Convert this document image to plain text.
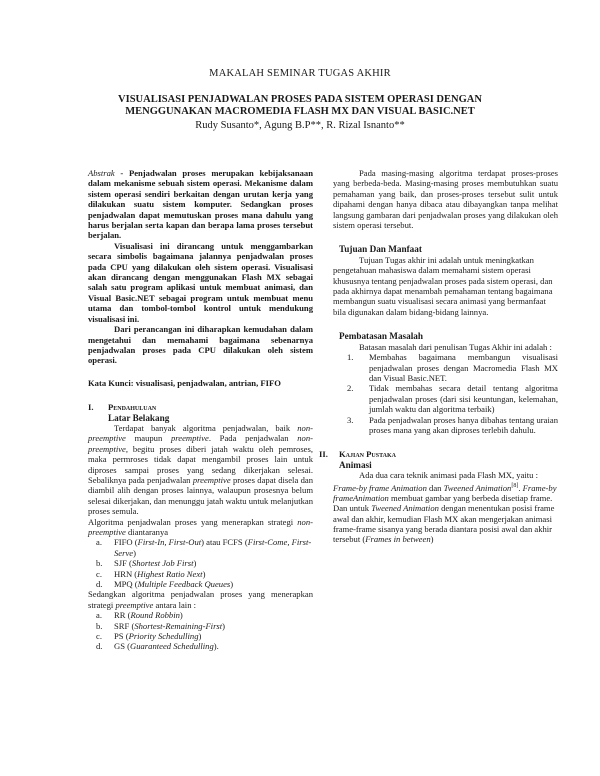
MAKALAH SEMINAR TUGAS AKHIR
VISUALISASI PENJADWALAN PROSES PADA SISTEM OPERASI DENGAN
MENGGUNAKAN MACROMEDIA FLASH MX DAN VISUAL BASIC.NET
Rudy Susanto*, Agung B.P**, R. Rizal Isnanto**

Abstrak - Penjadwalan proses merupakan kebijaksanaan dalam mekanisme sebuah sistem operasi. Mekanisme dalam sistem operasi sendiri berkaitan dengan urutan kerja yang dilakukan suatu sistem komputer. Sedangkan proses penjadwalan dapat memutuskan proses mana dahulu yang harus berjalan serta kapan dan berapa lama proses tersebut berjalan.

Visualisasi ini dirancang untuk menggambarkan secara simbolis bagaimana jalannya penjadwalan proses pada CPU yang dilakukan oleh sistem operasi. Visualisasi akan dirancang dengan menggunakan Flash MX sebagai salah satu program aplikasi untuk membuat animasi, dan Visual Basic.NET sebagai program untuk membuat menu utama dan tombol-tombol kontrol untuk mendukung visualisasi ini.

Dari perancangan ini diharapkan kemudahan dalam mengetahui dan memahami bagaimana sebenarnya penjadwalan proses pada CPU dilakukan oleh sistem operasi.

Kata Kunci: visualisasi, penjadwalan, antrian, FIFO

I.	Pendahuluan
Latar Belakang

Terdapat banyak algoritma penjadwalan, baik non-preemptive maupun preemptive. Pada penjadwalan non-preemptive, begitu proses diberi jatah waktu oleh pemroses, maka permroses tidak dapat mengambil proses lain untuk diproses sampai proses yang sedang dikerjakan selesai. Sebaliknya pada penjadwalan preemptive proses dapat disela dan diambil alih dengan proses lainnya, walaupun prosesnya belum selesai dikerjakan, dan menunggu jatah waktu untuk melanjutkan proses semula.

Algoritma penjadwalan proses yang menerapkan strategi non-preemptive diantaranya

a.	FIFO (First-In, First-Out) atau FCFS (First-Come, First-Serve)
b.	SJF (Shortest Job First)
c.	HRN (Highest Ratio Next)
d.	MPQ (Multiple Feedback Queues)

Sedangkan algoritma penjadwalan proses yang menerapkan strategi preemptive antara lain :

a.	RR (Round Robbin)
b.	SRF (Shortest-Remaining-First)
c.	PS (Priority Schedulling)
d.	GS (Guaranteed Schedulling).

Pada masing-masing algoritma terdapat proses-proses yang berbeda-beda. Masing-masing proses membutuhkan suatu pemahaman yang baik, dan proses-proses tersebut sulit untuk dipahami dengan hanya dibaca atau dibayangkan tanpa melihat langsung gambaran dari penjadwalan proses yang dilakukan oleh sistem operasi tersebut.

Tujuan Dan Manfaat

Tujuan Tugas akhir ini adalah untuk meningkatkan pengetahuan mahasiswa dalam memahami sistem operasi khususnya tentang penjadwalan proses pada sistem operasi, dan pada akhirnya dapat menambah pemahaman tentang bagaimana membangun suatu visualisasi secara animasi yang bermanfaat bila digunakan dalam bidang-bidang lainnya.

Pembatasan Masalah

Batasan masalah dari penulisan Tugas Akhir ini adalah :

1.	Membahas bagaimana membangun visualisasi penjadwalan proses dengan Macromedia Flash MX dan Visual Basic.NET.
2.	Tidak membahas secara detail tentang algoritma penjadwalan proses (dari sisi keuntungan, kelemahan, jumlah waktu dan algoritma terbaik)
3.	Pada penjadwalan proses hanya dibahas tentang uraian proses mana yang akan diproses terlebih dahulu.
II.	Kajian Pustaka
Animasi

Ada dua cara teknik animasi pada Flash MX, yaitu : Frame-by frame Animation dan Tweened Animation[8]. Frame-by frameAnimation membuat gambar yang berbeda disetiap frame. Dan untuk Tweened Animation dengan menentukan posisi frame awal dan akhir, kemudian Flash MX akan mengerjakan animasi frame-frame sisanya yang berada diantara posisi awal dan akhir tersebut (Frames in between)
